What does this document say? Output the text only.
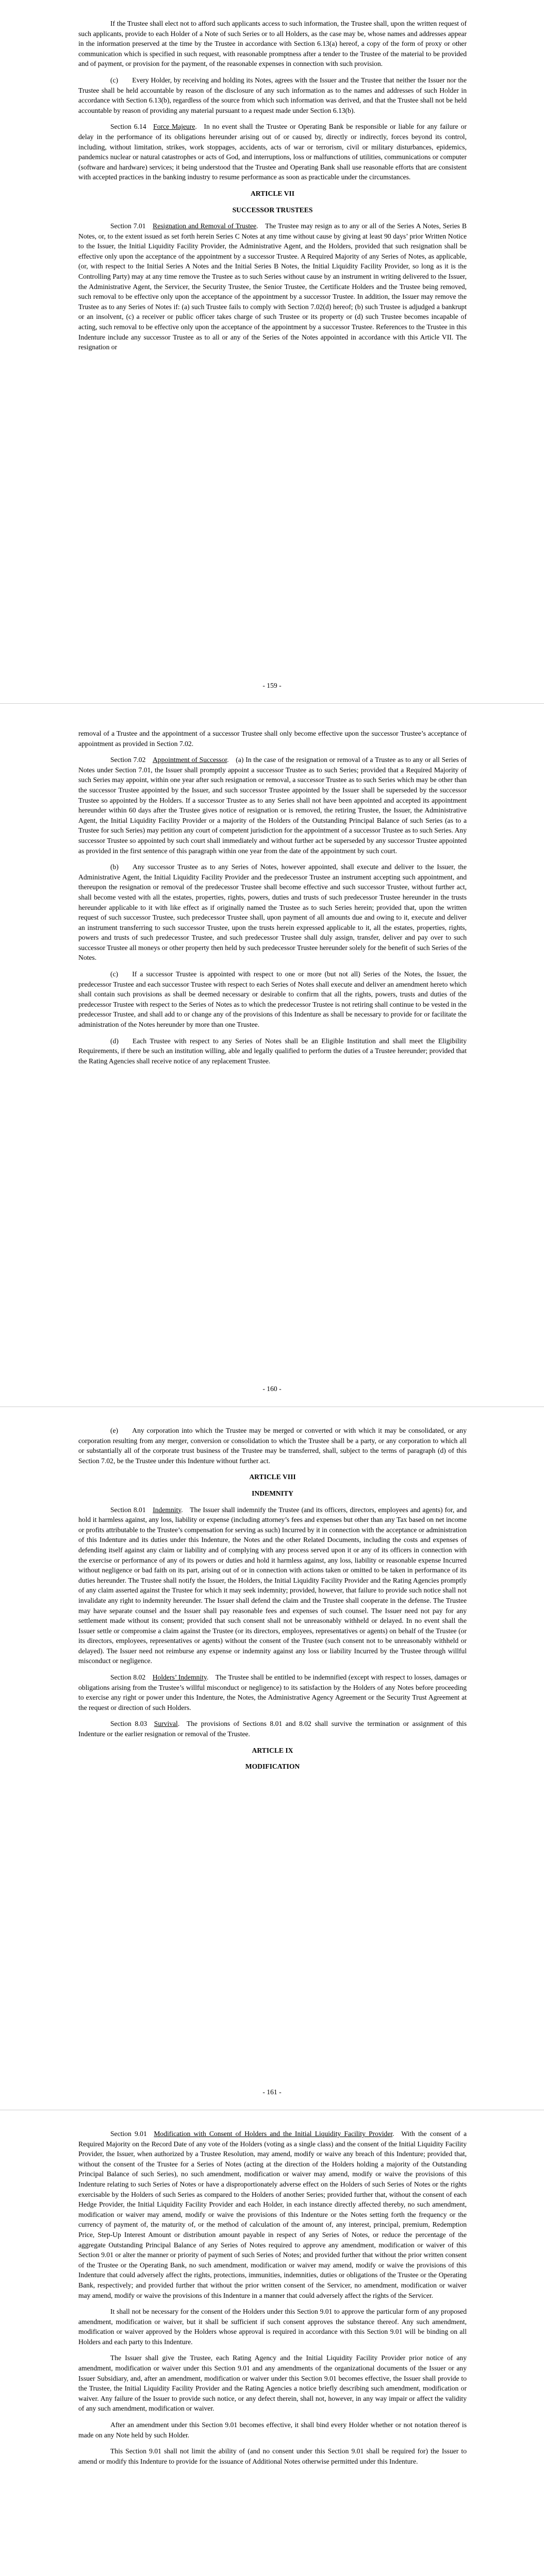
If the Trustee shall elect not to afford such applicants access to such information, the Trustee shall, upon the written request of such applicants, provide to each Holder of a Note of such Series or to all Holders, as the case may be, whose names and addresses appear in the information preserved at the time by the Trustee in accordance with Section 6.13(a) hereof, a copy of the form of proxy or other communication which is specified in such request, with reasonable promptness after a tender to the Trustee of the material to be provided and of payment, or provision for the payment, of the reasonable expenses in connection with such provision.

(c)  Every Holder, by receiving and holding its Notes, agrees with the Issuer and the Trustee that neither the Issuer nor the Trustee shall be held accountable by reason of the disclosure of any such information as to the names and addresses of such Holder in accordance with Section 6.13(b), regardless of the source from which such information was derived, and that the Trustee shall not be held accountable by reason of providing any material pursuant to a request made under Section 6.13(b).

Section 6.14 Force Majeure. In no event shall the Trustee or Operating Bank be responsible or liable for any failure or delay in the performance of its obligations hereunder arising out of or caused by, directly or indirectly, forces beyond its control, including, without limitation, strikes, work stoppages, accidents, acts of war or terrorism, civil or military disturbances, epidemics, pandemics nuclear or natural catastrophes or acts of God, and interruptions, loss or malfunctions of utilities, communications or computer (software and hardware) services; it being understood that the Trustee and Operating Bank shall use reasonable efforts that are consistent with accepted practices in the banking industry to resume performance as soon as practicable under the circumstances.

ARTICLE VII
SUCCESSOR TRUSTEES

Section 7.01 Resignation and Removal of Trustee. The Trustee may resign as to any or all of the Series A Notes, Series B Notes, or, to the extent issued as set forth herein Series C Notes at any time without cause by giving at least 90 days’ prior Written Notice to the Issuer, the Initial Liquidity Facility Provider, the Administrative Agent, and the Holders, provided that such resignation shall be effective only upon the acceptance of the appointment by a successor Trustee. A Required Majority of any Series of Notes, as applicable, (or, with respect to the Initial Series A Notes and the Initial Series B Notes, the Initial Liquidity Facility Provider, so long as it is the Controlling Party) may at any time remove the Trustee as to such Series without cause by an instrument in writing delivered to the Issuer, the Administrative Agent, the Servicer, the Security Trustee, the Senior Trustee, the Certificate Holders and the Trustee being removed, such removal to be effective only upon the acceptance of the appointment by a successor Trustee. In addition, the Issuer may remove the Trustee as to any Series of Notes if: (a) such Trustee fails to comply with Section 7.02(d) hereof; (b) such Trustee is adjudged a bankrupt or an insolvent, (c) a receiver or public officer takes charge of such Trustee or its property or (d) such Trustee becomes incapable of acting, such removal to be effective only upon the acceptance of the appointment by a successor Trustee. References to the Trustee in this Indenture include any successor Trustee as to all or any of the Series of the Notes appointed in accordance with this Article VII. The resignation or

- 159 -

removal of a Trustee and the appointment of a successor Trustee shall only become effective upon the successor Trustee’s acceptance of appointment as provided in Section 7.02.

Section 7.02 Appointment of Successor. (a) In the case of the resignation or removal of a Trustee as to any or all Series of Notes under Section 7.01, the Issuer shall promptly appoint a successor Trustee as to such Series; provided that a Required Majority of such Series may appoint, within one year after such resignation or removal, a successor Trustee as to such Series which may be other than the successor Trustee appointed by the Issuer, and such successor Trustee appointed by the Issuer shall be superseded by the successor Trustee so appointed by the Holders. If a successor Trustee as to any Series shall not have been appointed and accepted its appointment hereunder within 60 days after the Trustee gives notice of resignation or is removed, the retiring Trustee, the Issuer, the Administrative Agent, the Initial Liquidity Facility Provider or a majority of the Holders of the Outstanding Principal Balance of such Series (as to a Trustee for such Series) may petition any court of competent jurisdiction for the appointment of a successor Trustee as to such Series. Any successor Trustee so appointed by such court shall immediately and without further act be superseded by any successor Trustee appointed as provided in the first sentence of this paragraph within one year from the date of the appointment by such court.

(b)  Any successor Trustee as to any Series of Notes, however appointed, shall execute and deliver to the Issuer, the Administrative Agent, the Initial Liquidity Facility Provider and the predecessor Trustee an instrument accepting such appointment, and thereupon the resignation or removal of the predecessor Trustee shall become effective and such successor Trustee, without further act, shall become vested with all the estates, properties, rights, powers, duties and trusts of such predecessor Trustee hereunder in the trusts hereunder applicable to it with like effect as if originally named the Trustee as to such Series herein; provided that, upon the written request of such successor Trustee, such predecessor Trustee shall, upon payment of all amounts due and owing to it, execute and deliver an instrument transferring to such successor Trustee, upon the trusts herein expressed applicable to it, all the estates, properties, rights, powers and trusts of such predecessor Trustee, and such predecessor Trustee shall duly assign, transfer, deliver and pay over to such successor Trustee all moneys or other property then held by such predecessor Trustee hereunder solely for the benefit of such Series of the Notes.

(c)  If a successor Trustee is appointed with respect to one or more (but not all) Series of the Notes, the Issuer, the predecessor Trustee and each successor Trustee with respect to each Series of Notes shall execute and deliver an amendment hereto which shall contain such provisions as shall be deemed necessary or desirable to confirm that all the rights, powers, trusts and duties of the predecessor Trustee with respect to the Series of Notes as to which the predecessor Trustee is not retiring shall continue to be vested in the predecessor Trustee, and shall add to or change any of the provisions of this Indenture as shall be necessary to provide for or facilitate the administration of the Notes hereunder by more than one Trustee.

(d)  Each Trustee with respect to any Series of Notes shall be an Eligible Institution and shall meet the Eligibility Requirements, if there be such an institution willing, able and legally qualified to perform the duties of a Trustee hereunder; provided that the Rating Agencies shall receive notice of any replacement Trustee.

- 160 -

(e)  Any corporation into which the Trustee may be merged or converted or with which it may be consolidated, or any corporation resulting from any merger, conversion or consolidation to which the Trustee shall be a party, or any corporation to which all or substantially all of the corporate trust business of the Trustee may be transferred, shall, subject to the terms of paragraph (d) of this Section 7.02, be the Trustee under this Indenture without further act.

ARTICLE VIII
INDEMNITY

Section 8.01 Indemnity. The Issuer shall indemnify the Trustee (and its officers, directors, employees and agents) for, and hold it harmless against, any loss, liability or expense (including attorney’s fees and expenses but other than any Tax based on net income or profits attributable to the Trustee’s compensation for serving as such) Incurred by it in connection with the acceptance or administration of this Indenture and its duties under this Indenture, the Notes and the other Related Documents, including the costs and expenses of defending itself against any claim or liability and of complying with any process served upon it or any of its officers in connection with the exercise or performance of any of its powers or duties and hold it harmless against, any loss, liability or reasonable expense Incurred without negligence or bad faith on its part, arising out of or in connection with actions taken or omitted to be taken in performance of its duties hereunder. The Trustee shall notify the Issuer, the Holders, the Initial Liquidity Facility Provider and the Rating Agencies promptly of any claim asserted against the Trustee for which it may seek indemnity; provided, however, that failure to provide such notice shall not invalidate any right to indemnity hereunder. The Issuer shall defend the claim and the Trustee shall cooperate in the defense. The Trustee may have separate counsel and the Issuer shall pay reasonable fees and expenses of such counsel. The Issuer need not pay for any settlement made without its consent; provided that such consent shall not be unreasonably withheld or delayed. In no event shall the Issuer settle or compromise a claim against the Trustee (or its directors, employees, representatives or agents) on behalf of the Trustee (or its directors, employees, representatives or agents) without the consent of the Trustee (such consent not to be unreasonably withheld or delayed). The Issuer need not reimburse any expense or indemnity against any loss or liability Incurred by the Trustee through willful misconduct or negligence.

Section 8.02 Holders’ Indemnity. The Trustee shall be entitled to be indemnified (except with respect to losses, damages or obligations arising from the Trustee’s willful misconduct or negligence) to its satisfaction by the Holders of any Notes before proceeding to exercise any right or power under this Indenture, the Notes, the Administrative Agency Agreement or the Security Trust Agreement at the request or direction of such Holders.

Section 8.03 Survival. The provisions of Sections 8.01 and 8.02 shall survive the termination or assignment of this Indenture or the earlier resignation or removal of the Trustee.

ARTICLE IX
MODIFICATION
- 161 -

Section 9.01 Modification with Consent of Holders and the Initial Liquidity Facility Provider. With the consent of a Required Majority on the Record Date of any vote of the Holders (voting as a single class) and the consent of the Initial Liquidity Facility Provider, the Issuer, when authorized by a Trustee Resolution, may amend, modify or waive any breach of this Indenture; provided that, without the consent of the Trustee for a Series of Notes (acting at the direction of the Holders holding a majority of the Outstanding Principal Balance of such Series), no such amendment, modification or waiver may amend, modify or waive the provisions of this Indenture relating to such Series of Notes or have a disproportionately adverse effect on the Holders of such Series of Notes or the rights exercisable by the Holders of such Series as compared to the Holders of another Series; provided further that, without the consent of each Hedge Provider, the Initial Liquidity Facility Provider and each Holder, in each instance directly affected thereby, no such amendment, modification or waiver may amend, modify or waive the provisions of this Indenture or the Notes setting forth the frequency or the currency of payment of, the maturity of, or the method of calculation of the amount of, any interest, principal, premium, Redemption Price, Step-Up Interest Amount or distribution amount payable in respect of any Series of Notes, or reduce the percentage of the aggregate Outstanding Principal Balance of any Series of Notes required to approve any amendment, modification or waiver of this Section 9.01 or alter the manner or priority of payment of such Series of Notes; and provided further that without the prior written consent of the Trustee or the Operating Bank, no such amendment, modification or waiver may amend, modify or waive the provisions of this Indenture that could adversely affect the rights, protections, immunities, indemnities, duties or obligations of the Trustee or the Operating Bank, respectively; and provided further that without the prior written consent of the Servicer, no amendment, modification or waiver may amend, modify or waive the provisions of this Indenture in a manner that could adversely affect the rights of the Servicer.

It shall not be necessary for the consent of the Holders under this Section 9.01 to approve the particular form of any proposed amendment, modification or waiver, but it shall be sufficient if such consent approves the substance thereof. Any such amendment, modification or waiver approved by the Holders whose approval is required in accordance with this Section 9.01 will be binding on all Holders and each party to this Indenture.

The Issuer shall give the Trustee, each Rating Agency and the Initial Liquidity Facility Provider prior notice of any amendment, modification or waiver under this Section 9.01 and any amendments of the organizational documents of the Issuer or any Issuer Subsidiary, and, after an amendment, modification or waiver under this Section 9.01 becomes effective, the Issuer shall provide to the Trustee, the Initial Liquidity Facility Provider and the Rating Agencies a notice briefly describing such amendment, modification or waiver. Any failure of the Issuer to provide such notice, or any defect therein, shall not, however, in any way impair or affect the validity of any such amendment, modification or waiver.

After an amendment under this Section 9.01 becomes effective, it shall bind every Holder whether or not notation thereof is made on any Note held by such Holder.

This Section 9.01 shall not limit the ability of (and no consent under this Section 9.01 shall be required for) the Issuer to amend or modify this Indenture to provide for the issuance of Additional Notes otherwise permitted under this Indenture.
